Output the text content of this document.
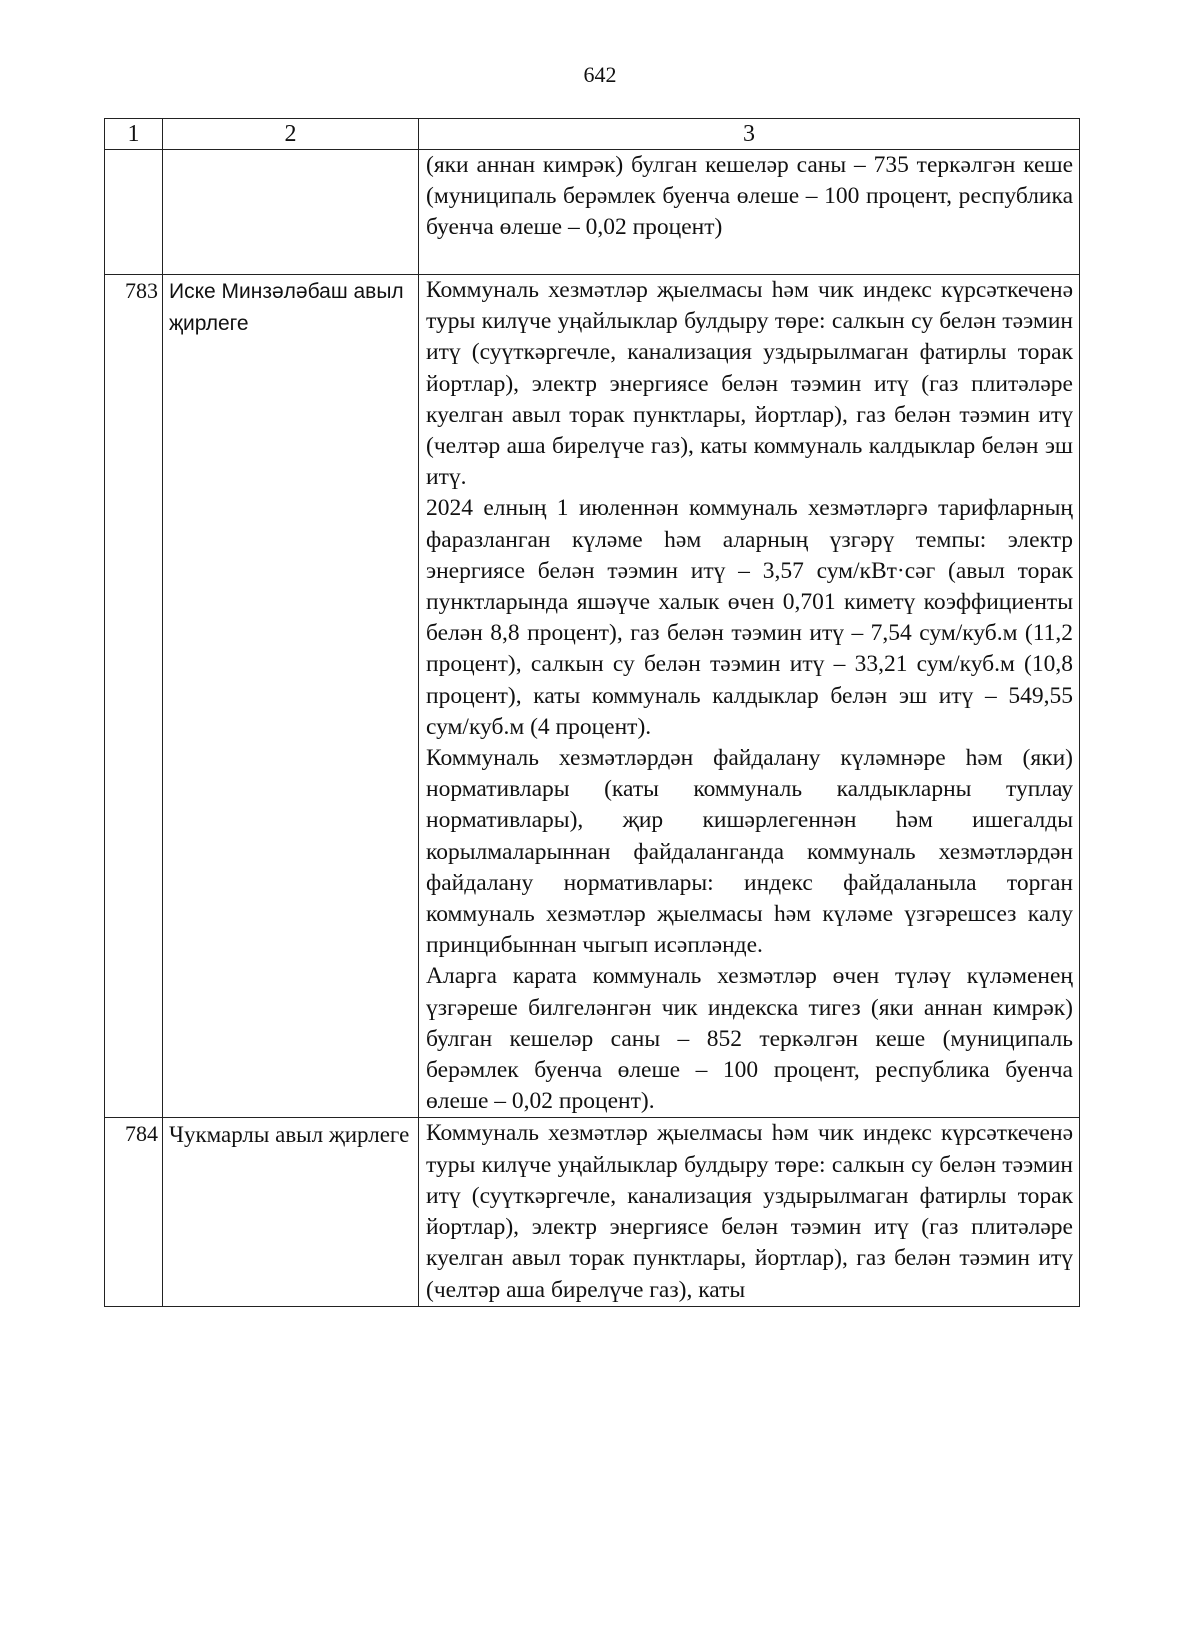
642
1	2	3

		(яки аннан кимрәк) булган кешеләр саны – 735 теркәлгән кеше (муниципаль берәмлек буенча өлеше – 100 процент, республика буенча өлеше – 0,02 процент)

783	Иске Минзәләбаш авыл җирлеге	Коммуналь хезмәтләр җыелмасы һәм чик индекс күрсәткеченә туры килүче уңайлыклар булдыру төре: салкын су белән тәэмин итү (суүткәргечле, канализация уздырылмаган фатирлы торак йортлар), электр энергиясе белән тәэмин итү (газ плитәләре куелган авыл торак пунктлары, йортлар), газ белән тәэмин итү (челтәр аша бирелүче газ), каты коммуналь калдыклар белән эш итү.

2024 елның 1 июленнән коммуналь хезмәтләргә тарифларның фаразланган күләме һәм аларның үзгәрү темпы: электр энергиясе белән тәэмин итү – 3,57 сум/кВт·сәг (авыл торак пунктларында яшәүче халык өчен 0,701 киметү коэффициенты белән 8,8 процент), газ белән тәэмин итү – 7,54 сум/куб.м (11,2 процент), салкын су белән тәэмин итү – 33,21 сум/куб.м (10,8 процент), каты коммуналь калдыклар белән эш итү – 549,55 сум/куб.м (4 процент).

Коммуналь хезмәтләрдән файдалану күләмнәре һәм (яки) нормативлары (каты коммуналь калдыкларны туплау нормативлары), җир кишәрлегеннән һәм ишегалды корылмаларыннан файдаланганда коммуналь хезмәтләрдән файдалану нормативлары: индекс файдаланыла торган коммуналь хезмәтләр җыелмасы һәм күләме үзгәрешсез калу принцибыннан чыгып исәпләнде.

Аларга карата коммуналь хезмәтләр өчен түләү күләменең үзгәреше билгеләнгән чик индекска тигез (яки аннан кимрәк) булган кешеләр саны – 852 теркәлгән кеше (муниципаль берәмлек буенча өлеше – 100 процент, республика буенча өлеше – 0,02 процент).

784	Чукмарлы авыл җирлеге	Коммуналь хезмәтләр җыелмасы һәм чик индекс күрсәткеченә туры килүче уңайлыклар булдыру төре: салкын су белән тәэмин итү (суүткәргечле, канализация уздырылмаган фатирлы торак йортлар), электр энергиясе белән тәэмин итү (газ плитәләре куелган авыл торак пунктлары, йортлар), газ белән тәэмин итү (челтәр аша бирелүче газ), каты
